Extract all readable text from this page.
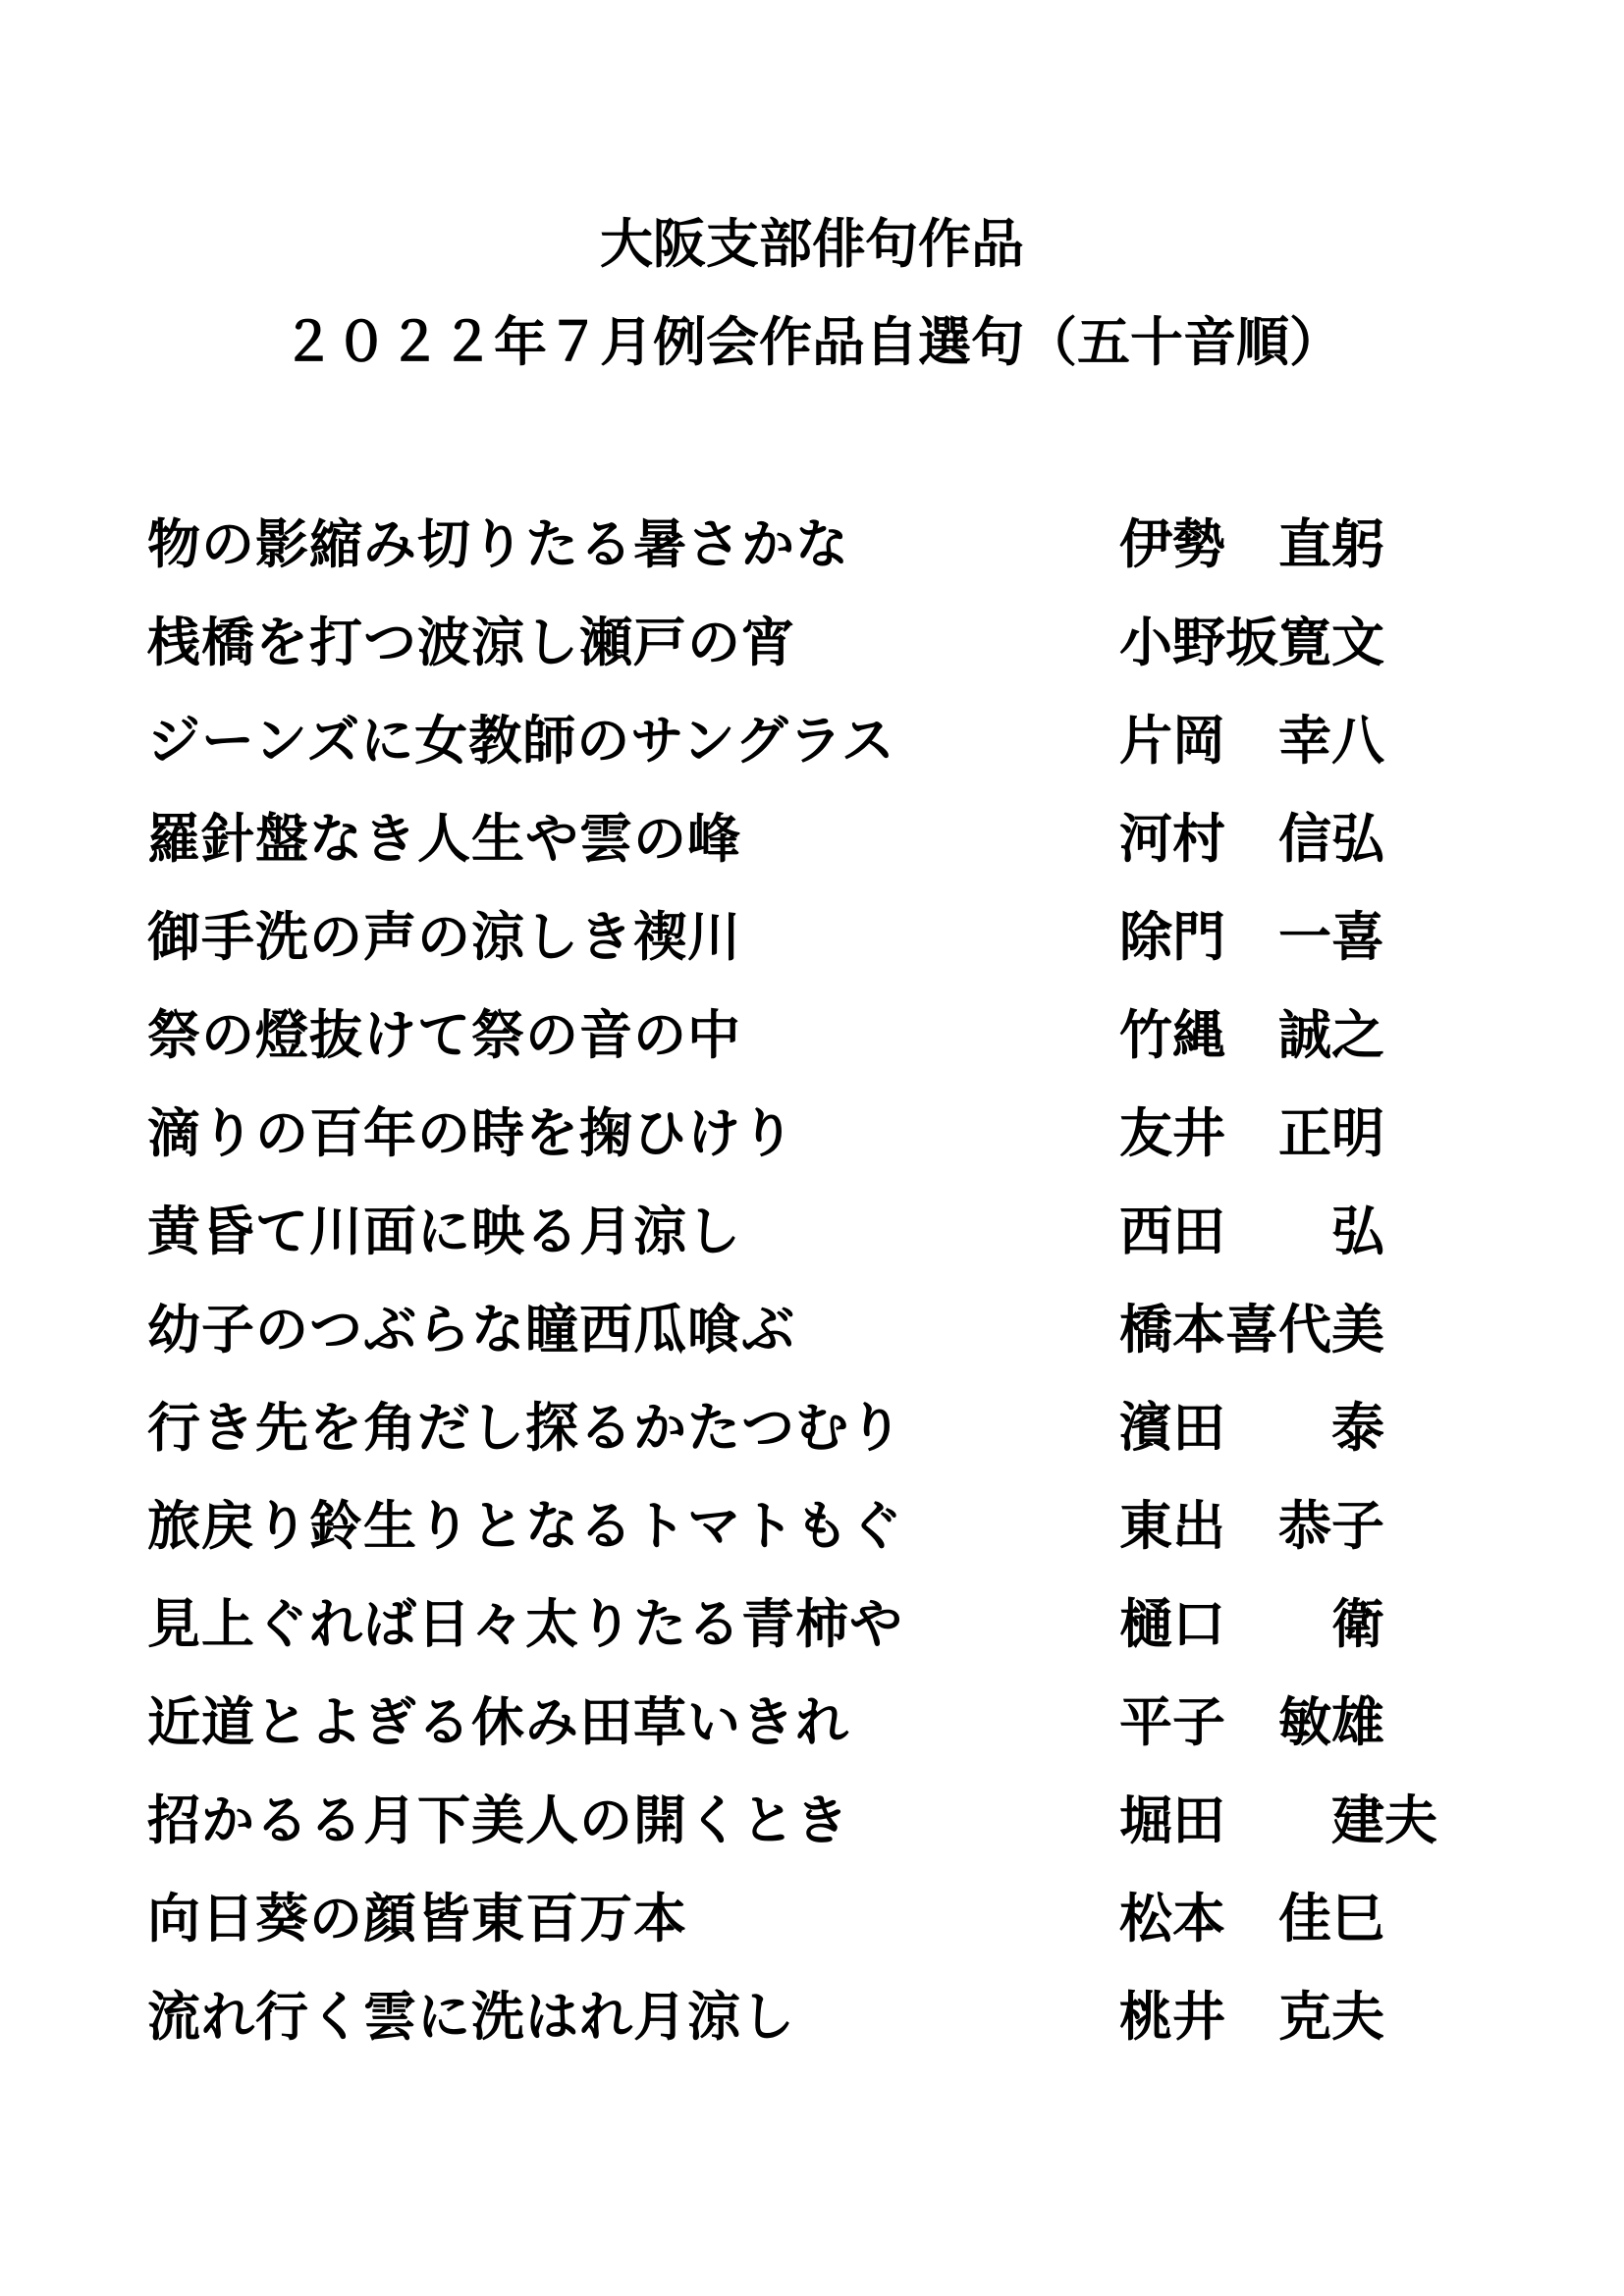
大阪支部俳句作品
２０２２年７月例会作品自選句（五十音順）
物の影縮み切りたる暑さかな	伊勢　直躬
桟橋を打つ波涼し瀬戸の宵	小野坂寛文
ジーンズに女教師のサングラス	片岡　幸八
羅針盤なき人生や雲の峰	河村　信弘
御手洗の声の涼しき禊川	除門　一喜
祭の燈抜けて祭の音の中	竹縄　誠之
滴りの百年の時を掬ひけり	友井　正明
黄昏て川面に映る月涼し	西田　　弘
幼子のつぶらな瞳西瓜喰ぶ	橋本喜代美
行き先を角だし探るかたつむり	濱田　　泰
旅戻り鈴生りとなるトマトもぐ	東出　恭子
見上ぐれば日々太りたる青柿や	樋口　　衛
近道とよぎる休み田草いきれ	平子　敏雄
招かるる月下美人の開くとき	堀田　　建夫
向日葵の顔皆東百万本	松本　佳巳
流れ行く雲に洗はれ月涼し	桃井　克夫
